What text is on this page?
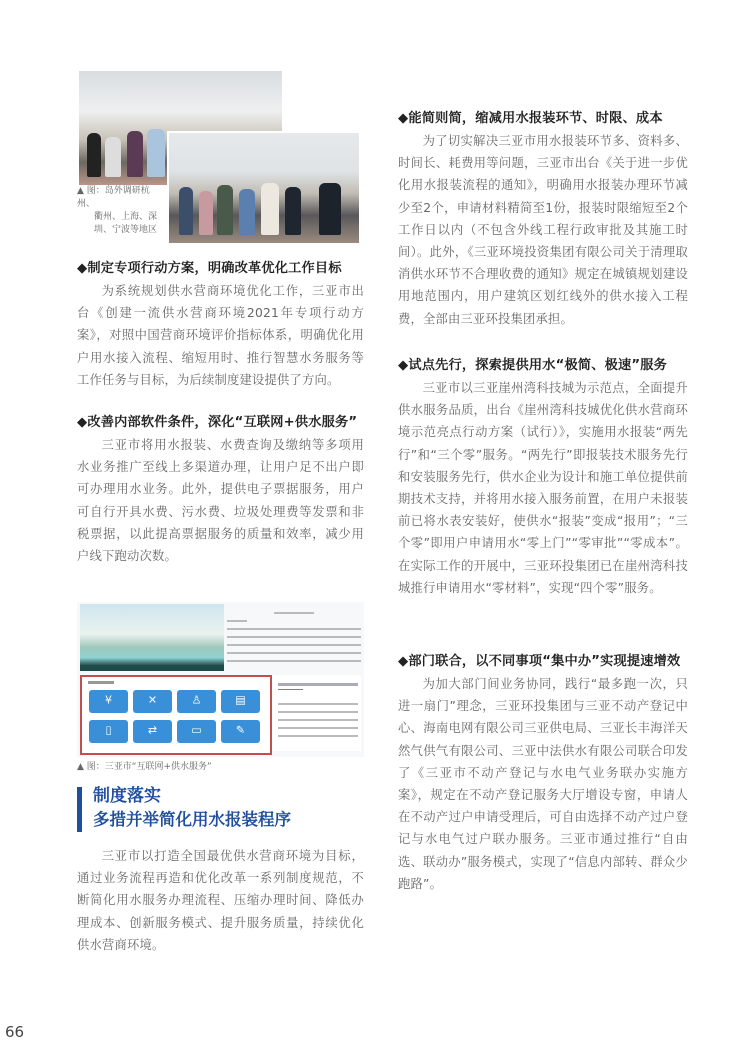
▲ 图：岛外调研杭州、
衢州、上海、深
圳、宁波等地区

◆制定专项行动方案，明确改革优化工作目标

为系统规划供水营商环境优化工作，三亚市出台《创建一流供水营商环境2021年专项行动方案》，对照中国营商环境评价指标体系，明确优化用户用水接入流程、缩短用时、推行智慧水务服务等工作任务与目标，为后续制度建设提供了方向。

◆改善内部软件条件，深化“互联网+供水服务”

三亚市将用水报装、水费查询及缴纳等多项用水业务推广至线上多渠道办理，让用户足不出户即可办理用水业务。此外，提供电子票据服务，用户可自行开具水费、污水费、垃圾处理费等发票和非税票据，以此提高票据服务的质量和效率，减少用户线下跑动次数。

¥	✕	♙	▤
▯	⇄	▭	✎
▲ 图：三亚市“互联网+供水服务”
制度落实
多措并举简化用水报装程序

三亚市以打造全国最优供水营商环境为目标，通过业务流程再造和优化改革一系列制度规范，不断简化用水服务办理流程、压缩办理时间、降低办理成本、创新服务模式、提升服务质量，持续优化供水营商环境。

◆能简则简，缩减用水报装环节、时限、成本

为了切实解决三亚市用水报装环节多、资料多、时间长、耗费用等问题，三亚市出台《关于进一步优化用水报装流程的通知》，明确用水报装办理环节减少至2个，申请材料精简至1份，报装时限缩短至2个工作日以内（不包含外线工程行政审批及其施工时间）。此外，《三亚环境投资集团有限公司关于清理取消供水环节不合理收费的通知》规定在城镇规划建设用地范围内，用户建筑区划红线外的供水接入工程费，全部由三亚环投集团承担。

◆试点先行，探索提供用水“极简、极速”服务

三亚市以三亚崖州湾科技城为示范点，全面提升供水服务品质，出台《崖州湾科技城优化供水营商环境示范亮点行动方案（试行）》，实施用水报装“两先行”和“三个零”服务。“两先行”即报装技术服务先行和安装服务先行，供水企业为设计和施工单位提供前期技术支持，并将用水接入服务前置，在用户未报装前已将水表安装好，使供水“报装”变成“报用”；“三个零”即用户申请用水“零上门”“零审批”“零成本”。在实际工作的开展中，三亚环投集团已在崖州湾科技城推行申请用水“零材料”，实现“四个零”服务。

◆部门联合，以不同事项“集中办”实现提速增效

为加大部门间业务协同，践行“最多跑一次，只进一扇门”理念，三亚环投集团与三亚不动产登记中心、海南电网有限公司三亚供电局、三亚长丰海洋天然气供气有限公司、三亚中法供水有限公司联合印发了《三亚市不动产登记与水电气业务联办实施方案》，规定在不动产登记服务大厅增设专窗，申请人在不动产过户申请受理后，可自由选择不动产过户登记与水电气过户联办服务。三亚市通过推行“自由选、联动办”服务模式，实现了“信息内部转、群众少跑路”。

66
